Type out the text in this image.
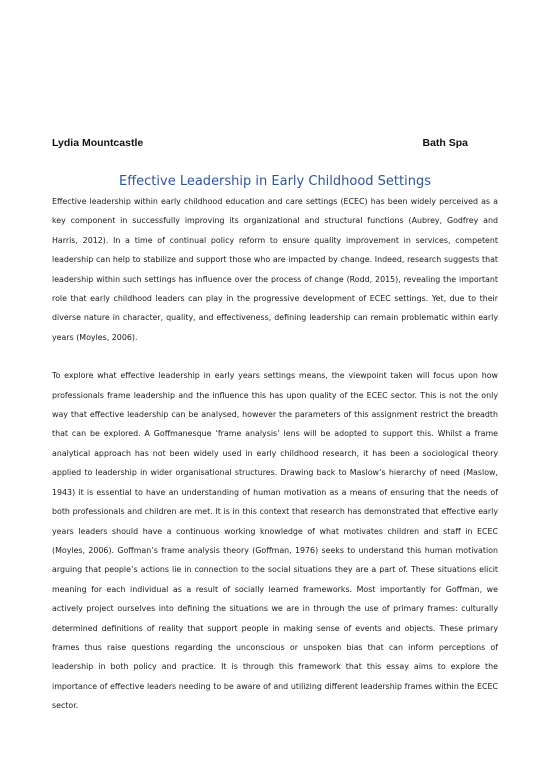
Lydia Mountcastle	Bath Spa
Effective Leadership in Early Childhood Settings

Effective leadership within early childhood education and care settings (ECEC) has been widely perceived as a key component in successfully improving its organizational and structural functions (Aubrey, Godfrey and Harris, 2012). In a time of continual policy reform to ensure quality improvement in services, competent leadership can help to stabilize and support those who are impacted by change. Indeed, research suggests that leadership within such settings has influence over the process of change (Rodd, 2015), revealing the important role that early childhood leaders can play in the progressive development of ECEC settings. Yet, due to their diverse nature in character, quality, and effectiveness, defining leadership can remain problematic within early years (Moyles, 2006).

To explore what effective leadership in early years settings means, the viewpoint taken will focus upon how professionals frame leadership and the influence this has upon quality of the ECEC sector. This is not the only way that effective leadership can be analysed, however the parameters of this assignment restrict the breadth that can be explored. A Goffmanesque ‘frame analysis’ lens will be adopted to support this. Whilst a frame analytical approach has not been widely used in early childhood research, it has been a sociological theory applied to leadership in wider organisational structures. Drawing back to Maslow’s hierarchy of need (Maslow, 1943) it is essential to have an understanding of human motivation as a means of ensuring that the needs of both professionals and children are met. It is in this context that research has demonstrated that effective early years leaders should have a continuous working knowledge of what motivates children and staff in ECEC (Moyles, 2006). Goffman’s frame analysis theory (Goffman, 1976) seeks to understand this human motivation arguing that people’s actions lie in connection to the social situations they are a part of. These situations elicit meaning for each individual as a result of socially learned frameworks. Most importantly for Goffman, we actively project ourselves into defining the situations we are in through the use of primary frames: culturally determined definitions of reality that support people in making sense of events and objects. These primary frames thus raise questions regarding the unconscious or unspoken bias that can inform perceptions of leadership in both policy and practice. It is through this framework that this essay aims to explore the importance of effective leaders needing to be aware of and utilizing different leadership frames within the ECEC sector.
